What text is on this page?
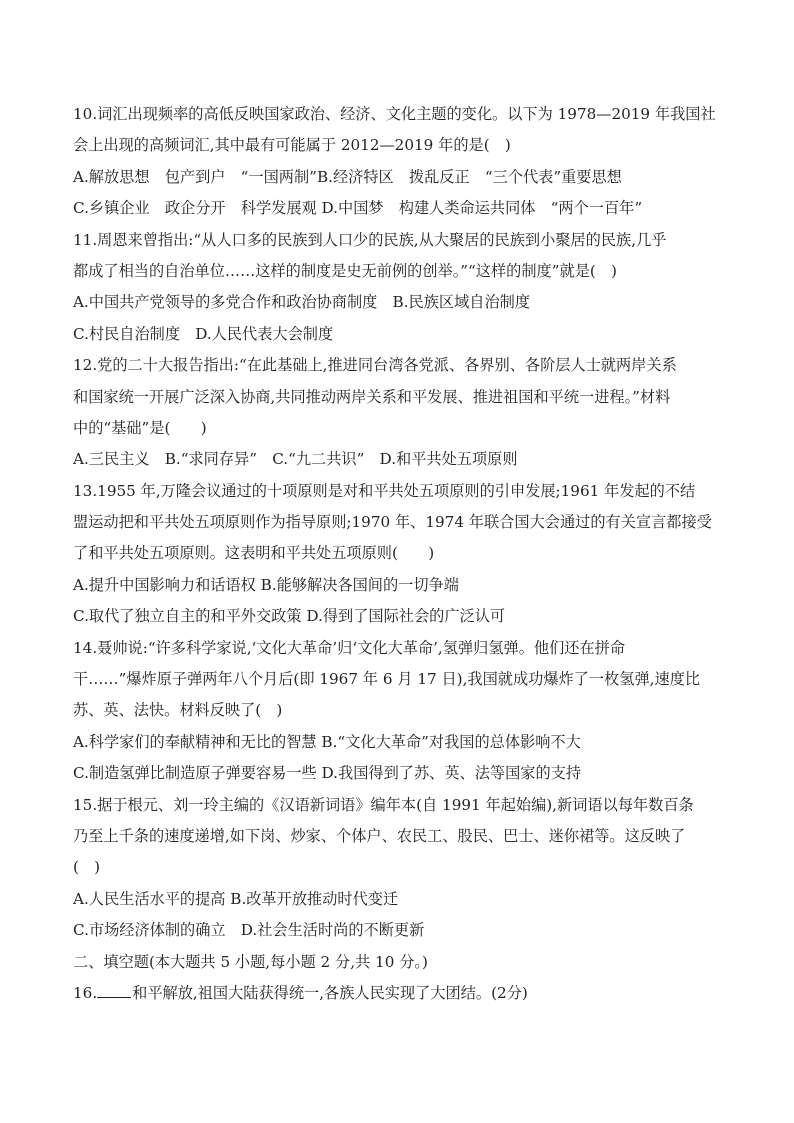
10.词汇出现频率的高低反映国家政治、经济、文化主题的变化。以下为 1978—2019 年我国社
会上出现的高频词汇,其中最有可能属于 2012—2019 年的是(　)
A.解放思想　包产到户　“一国两制”B.经济特区　拨乱反正　“三个代表”重要思想
C.乡镇企业　政企分开　科学发展观 D.中国梦　构建人类命运共同体　“两个一百年”
11.周恩来曾指出:“从人口多的民族到人口少的民族,从大聚居的民族到小聚居的民族,几乎
都成了相当的自治单位……这样的制度是史无前例的创举。”“这样的制度”就是(　)
A.中国共产党领导的多党合作和政治协商制度　B.民族区域自治制度
C.村民自治制度　D.人民代表大会制度
12.党的二十大报告指出:“在此基础上,推进同台湾各党派、各界别、各阶层人士就两岸关系
和国家统一开展广泛深入协商,共同推动两岸关系和平发展、推进祖国和平统一进程。”材料
中的“基础”是(　　)
A.三民主义　B.“求同存异”　C.“九二共识”　D.和平共处五项原则
13.1955 年,万隆会议通过的十项原则是对和平共处五项原则的引申发展;1961 年发起的不结
盟运动把和平共处五项原则作为指导原则;1970 年、1974 年联合国大会通过的有关宣言都接受
了和平共处五项原则。这表明和平共处五项原则(　　)
A.提升中国影响力和话语权 B.能够解决各国间的一切争端
C.取代了独立自主的和平外交政策 D.得到了国际社会的广泛认可
14.聂帅说:“许多科学家说,‘文化大革命’归‘文化大革命’,氢弹归氢弹。他们还在拼命
干……”爆炸原子弹两年八个月后(即 1967 年 6 月 17 日),我国就成功爆炸了一枚氢弹,速度比
苏、英、法快。材料反映了(　)
A.科学家们的奉献精神和无比的智慧 B.“文化大革命”对我国的总体影响不大
C.制造氢弹比制造原子弹要容易一些 D.我国得到了苏、英、法等国家的支持
15.据于根元、刘一玲主编的《汉语新词语》编年本(自 1991 年起始编),新词语以每年数百条
乃至上千条的速度递增,如下岗、炒家、个体户、农民工、股民、巴士、迷你裙等。这反映了
(　)
A.人民生活水平的提高 B.改革开放推动时代变迁
C.市场经济体制的确立　D.社会生活时尚的不断更新
二、填空题(本大题共 5 小题,每小题 2 分,共 10 分。)
16. 和平解放,祖国大陆获得统一,各族人民实现了大团结。(2分)
